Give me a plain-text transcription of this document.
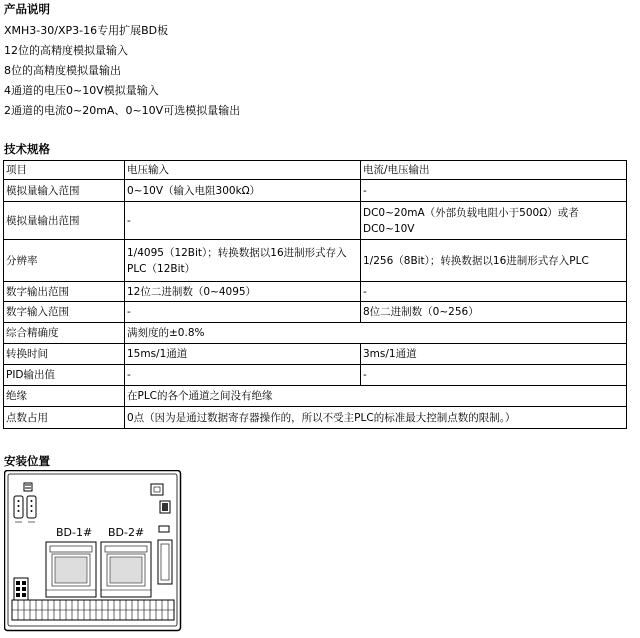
产品说明
XMH3-30/XP3-16专用扩展BD板
12位的高精度模拟量输入
8位的高精度模拟量输出
4通道的电压0~10V模拟量输入
2通道的电流0~20mA、0~10V可选模拟量输出
技术规格
项目	电压输入	电流/电压输出
模拟量输入范围	0~10V（输入电阻300kΩ）	-
模拟量输出范围	-	DC0~20mA（外部负载电阻小于500Ω）或者DC0~10V
分辨率	1/4095（12Bit）；转换数据以16进制形式存入PLC（12Bit）	1/256（8Bit）；转换数据以16进制形式存入PLC
数字输出范围	12位二进制数（0~4095）	-
数字输入范围	-	8位二进制数（0~256）
综合精确度	满刻度的±0.8%	
转换时间	15ms/1通道	3ms/1通道
PID输出值	-	-
绝缘	在PLC的各个通道之间没有绝缘	
点数占用	0点（因为是通过数据寄存器操作的，所以不受主PLC的标准最大控制点数的限制。）	
安装位置
BD-1# BD-2#
